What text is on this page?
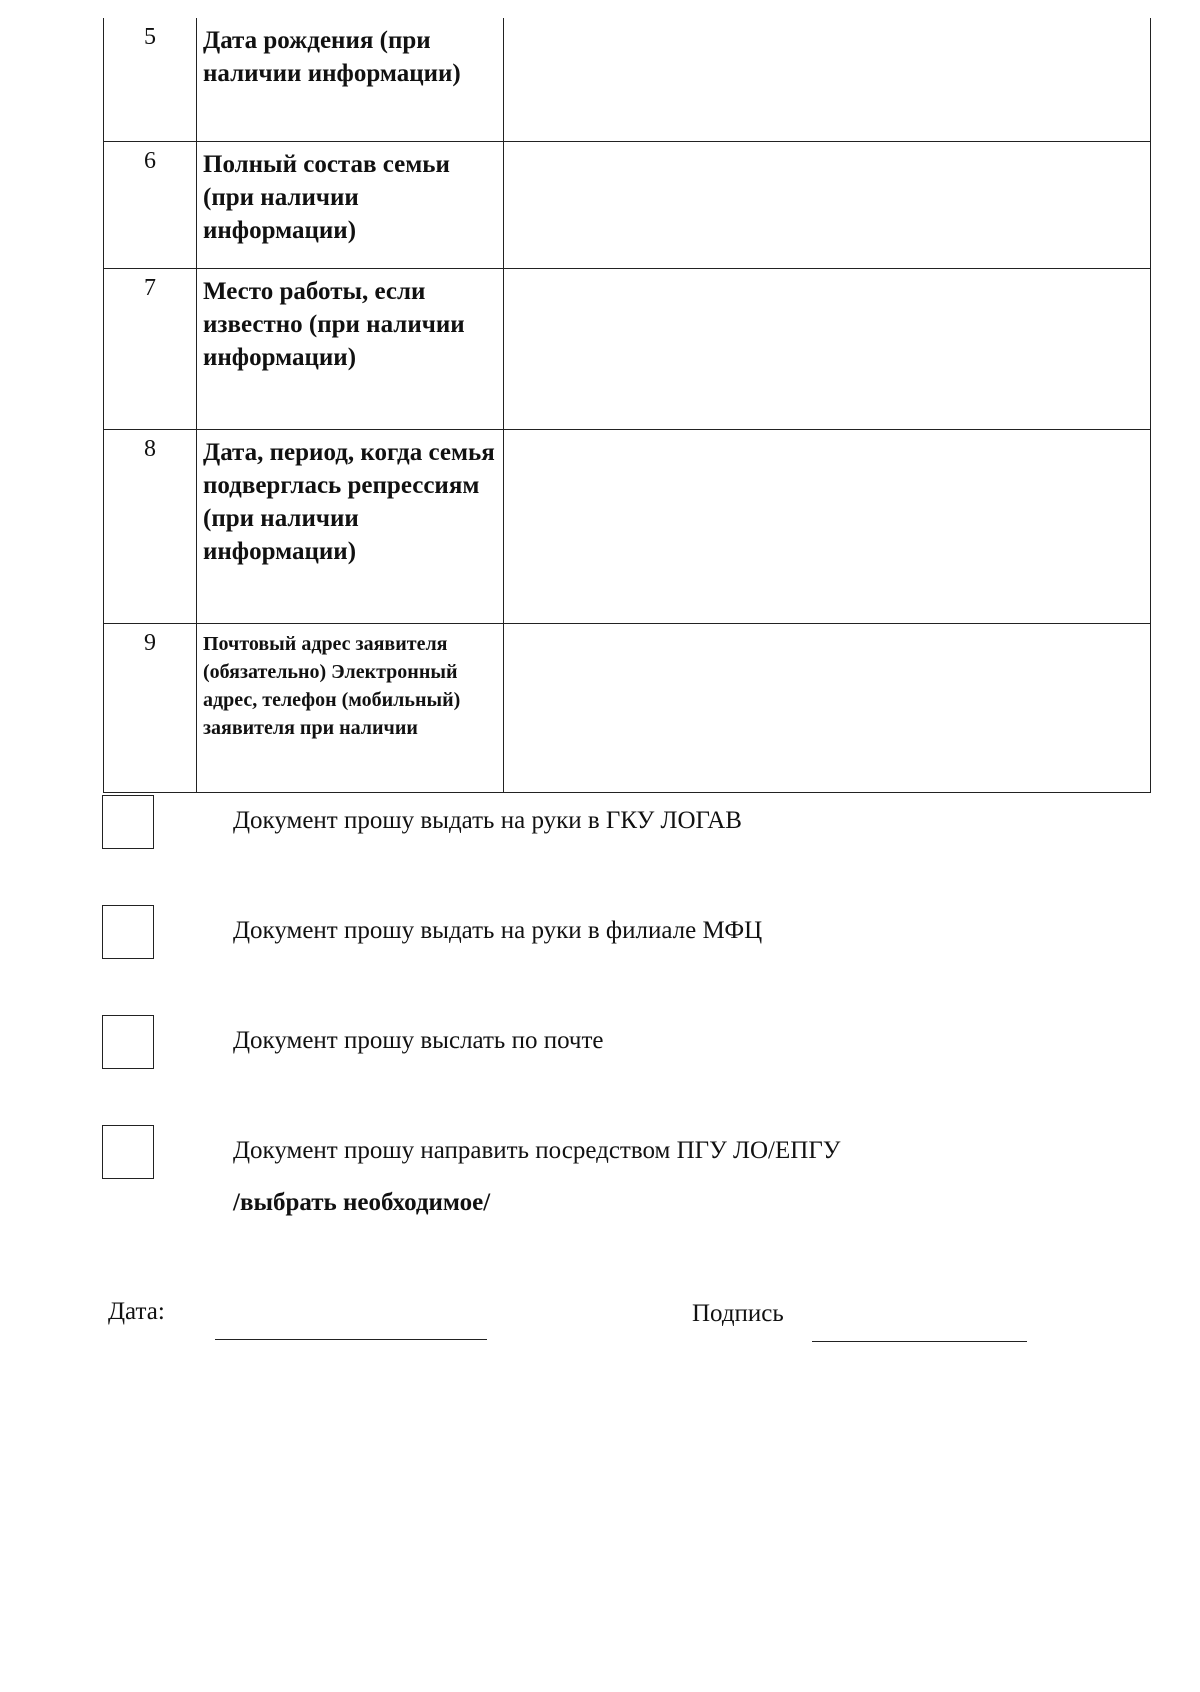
5	Дата рождения (при наличии информации)	
6	Полный состав семьи (при наличии информации)	
7	Место работы, если известно (при наличии информации)	
8	Дата, период, когда семья подверглась репрессиям (при наличии информации)	
9	Почтовый адрес заявителя (обязательно) Электронный адрес, телефон (мобильный) заявителя при наличии	
Документ прошу выдать на руки в ГКУ ЛОГАВ
Документ прошу выдать на руки в филиале МФЦ
Документ прошу выслать по почте
Документ прошу направить посредством ПГУ ЛО/ЕПГУ
/выбрать необходимое/
Дата:	Подпись
